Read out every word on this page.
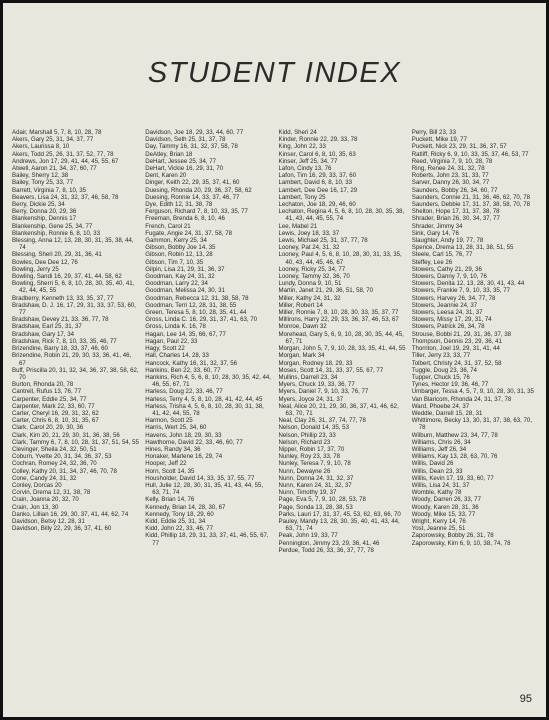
STUDENT INDEX
Adair, Marshall 5, 7, 8, 10, 28, 78
Akers, Gary 25, 31, 34, 37, 77
Akers, Laurissa 8, 10
Akers, Todd 25, 26, 31, 37, 52, 77, 78
Andrews, Jon 17, 29, 41, 44, 45, 55, 67
Atwell, Aaron 21, 34, 37, 60, 77
Bailey, Sherry 12, 38
Bailey, Tony 25, 33, 77
Barrett, Virginia 7, 8, 10, 35
Beavers, Lisa 24, 31, 32, 37, 46, 58, 78
Berry, Dickie 25, 34
Berry, Donna 20, 29, 36
Blankenship, Dennis 17
Blankenship, Gene 25, 34, 77
Blankenship, Ronnie 6, 8, 10, 33
Blessing, Anna 12, 13, 28, 30, 31, 35, 38, 44, 74
Blessing, Sheri 20, 29, 31, 36, 41
Bowles, Dee Dee 12, 76
Bowling, Jerry 25
Bowling, Sandi 16, 29, 37, 41, 44, 58, 62
Bowling, Sherri 5, 6, 8, 10, 28, 30, 35, 40, 41, 42, 44, 45, 55
Bradberry, Kenneth 13, 33, 35, 37, 77
Bradshaw, D. J. 16, 17, 29, 31, 33, 37, 53, 60, 77
Bradshaw, Devey 21, 33, 36, 77, 78
Bradshaw, Earl 25, 31, 37
Bradshaw, Gary 17, 34
Bradshaw, Rick 7, 8, 10, 33, 35, 46, 77
Brizendine, Barry 18, 33, 37, 46, 60
Brizendine, Robin 21, 29, 30, 33, 36, 41, 46, 67
Buff, Priscilla 20, 31, 32, 34, 36, 37, 38, 58, 62, 70
Burton, Rhonda 20, 78
Cantrell, Rufus 13, 76, 77
Carpenter, Eddie 25, 34, 77
Carpenter, Mark 22, 33, 60, 77
Carter, Cheryl 16, 29, 31, 32, 62
Carter, Chris 6, 8, 10, 31, 35, 67
Clark, Carol 20, 29, 30, 36
Clark, Kim 20, 21, 29, 30, 31, 36, 38, 56
Clark, Tammy 6, 7, 8, 10, 28, 31, 37, 51, 54, 55
Clevinger, Sheila 24, 32, 50, 51
Coburn, Yvette 20, 31, 34, 36, 37, 53
Cochran, Romey 24, 32, 36, 70
Colley, Kathy 20, 31, 34, 37, 46, 70, 78
Cone, Candy 24, 31, 32
Conley, Dorcas 20
Corvin, Drema 12, 31, 38, 78
Crain, Joanna 20, 32, 70
Crain, Jon 13, 30
Danko, Lillian 16, 29, 30, 37, 41, 44, 62, 74
Davidson, Betsy 12, 28, 31
Davidson, Billy 22, 29, 36, 37, 41, 60
Davidson, Joe 18, 29, 33, 44, 60, 77
Davidson, Seth 25, 31, 37, 78
Day, Tammy 16, 31, 32, 37, 58, 78
DeAtley, Brian 18
DeHart, Jessee 25, 34, 77
DeHart, Vickie 16, 29, 31, 70
Dent, Karen 20
Dinger, Keith 22, 29, 35, 37, 41, 60
Duesing, Rhonda 20, 29, 36, 37, 58, 62
Duesing, Ronnie 14, 33, 37, 46, 77
Dye, Edith 12, 31, 38, 78
Ferguson, Richard 7, 8, 10, 33, 35, 77
Freeman, Brenda 6, 8, 10, 46
French, Carol 21
Fugate, Angie 24, 31, 37, 58, 78
Gammon, Kerry 25, 34
Gibson, Bobby Joe 14, 35
Gibson, Robin 12, 13, 28
Gibson, Tim 7, 10, 35
Gilpin, Lisa 21, 29, 31, 36, 37
Goodman, Kay 24, 31, 32
Goodman, Larry 22, 34
Goodman, Melissa 24, 30, 31
Goodman, Rebecca 12, 31, 38, 58, 78
Goodman, Terri 12, 28, 31, 38, 55
Green, Teresa 5, 8, 10, 28, 35, 41, 44
Gross, Linda C. 16, 29, 31, 37, 41, 63, 70
Gross, Linda K. 16, 78
Hagan, Lee 14, 35, 66, 67, 77
Hagan, Paul 22, 33
Hagy, Scott 22
Hall, Charles 14, 28, 33
Hancock, Kathy 16, 31, 32, 37, 56
Hankins, Ben 22, 33, 60, 77
Hankins, Rich 4, 5, 6, 8, 10, 28, 30, 35, 42, 44, 46, 55, 67, 71
Harless, Doug 22, 33, 46, 77
Harless, Terry 4, 5, 8, 10, 28, 41, 42, 44, 45
Harless, Trisha 4, 5, 6, 8, 10, 28, 30, 31, 38, 41, 42, 44, 55, 78
Harmon, Scott 25
Harris, Wert 25, 34, 60
Havens, John 18, 29, 30, 33
Hawthorne, David 22, 33, 46, 60, 77
Hines, Randy 34, 36
Honaker, Marlene 16, 29, 74
Hooper, Jeff 22
Horn, Scott 14, 35
Housholder, David 14, 33, 35, 37, 55, 77
Hull, Julie 12, 28, 30, 31, 35, 41, 43, 44, 55, 63, 71, 74
Kelly, Brian 14, 76
Kennedy, Brian 14, 28, 30, 67
Kennedy, Tony 18, 29, 60
Kidd, Eddie 25, 31, 34
Kidd, John 22, 33, 46, 77
Kidd, Phillip 18, 29, 31, 33, 37, 41, 46, 55, 67, 77
Kidd, Sheri 24
Kinder, Ronnie 22, 29, 33, 78
King, John 22, 33
Kinser, Carol 6, 8, 10, 35, 63
Kinser, Jeff 25, 34, 77
Lafon, Cindy 13, 76
Lafon, Tim 16, 29, 33, 37, 60
Lambert, David 6, 8, 10, 33
Lambert, Dee Dee 16, 17, 29
Lambert, Tony 25
Lechaton, Joe 18, 29, 46, 60
Lechaton, Regina 4, 5, 6, 8, 10, 28, 30, 35, 38, 41, 43, 44, 45, 55, 74
Lee, Mabel 21
Lewis, Joey 18, 33, 37
Lewis, Michael 25, 31, 37, 77, 78
Looney, Pat 24, 31, 32
Looney, Paul 4, 5, 6, 8, 10, 28, 30, 31, 33, 35, 40, 43, 44, 45, 46, 67
Looney, Ricky 25, 34, 77
Looney, Tammy 32, 36, 70
Lundy, Donna 9, 10, 51
Martin, Janet 21, 29, 36, 51, 58, 70
Miller, Kathy 24, 31, 32
Miller, Robert 14
Miller, Ronnie 7, 8, 10, 28, 30, 33, 35, 37, 77
Millirons, Harry 22, 29, 33, 36, 37, 46, 53, 67
Monroe, Dawn 32
Morehead, Gary 5, 6, 9, 10, 28, 30, 35, 44, 45, 67, 71
Morgan, John 5, 7, 9, 10, 28, 33, 35, 41, 44, 55
Morgan, Mark 34
Morgan, Rodney 18, 29, 33
Moses, Scott 14, 31, 33, 37, 55, 67, 77
Mullins, Darrell 23, 34
Myers, Chuck 19, 33, 36, 77
Myers, Daniel 7, 9, 10, 33, 76, 77
Myers, Joyce 24, 31, 37
Neal, Alice 20, 21, 29, 30, 36, 37, 41, 46, 62, 63, 70, 71
Neal, Clay 26, 31, 37, 74, 77, 78
Nelson, Donald 14, 35, 53
Nelson, Phillip 23, 33
Nelson, Richard 23
Nipper, Robin 17, 37, 70
Nunley, Roy 23, 33, 78
Nunley, Teresa 7, 9, 10, 78
Nunn, Dewayne 26
Nunn, Donna 24, 31, 32, 37
Nunn, Karen 24, 31, 32, 37
Nunn, Timothy 19, 37
Page, Eva 5, 7, 9, 10, 28, 53, 78
Page, Sonda 13, 28, 38, 53
Parks, Lauri 17, 31, 37, 45, 53, 62, 63, 66, 70
Pauley, Mandy 13, 28, 30, 35, 40, 41, 43, 44, 63, 71, 74
Peak, John 19, 33, 77
Pennington, Jimmy 23, 29, 36, 41, 46
Perdue, Todd 26, 33, 36, 37, 77, 78
Perry, Bill 23, 33
Puckett, Mike 19, 77
Puckett, Nick 23, 29, 31, 36, 37, 57
Ratliff, Ricky 6, 9, 10, 33, 35, 37, 46, 53, 77
Reed, Virginia 7, 9, 10, 28, 78
Ring, Renee 24, 31, 32, 78
Roberts, John 23, 31, 33, 77
Sarver, Danny 26, 30, 34, 77
Saunders, Bobby 26, 34, 60, 77
Saunders, Connie 21, 31, 36, 46, 62, 70, 78
Saunders, Debbie 17, 31, 37, 38, 58, 70, 78
Shelton, Hope 17, 31, 37, 38, 78
Shrader, Brian 26, 30, 34, 37, 77
Shrader, Jimmy 34
Sink, Gary 14, 76
Slaughter, Andy 19, 77, 78
Spence, Drema 13, 28, 31, 38, 51, 55
Steele, Carl 15, 76, 77
Steffey, Lee 26
Stowers, Cathy 21, 29, 36
Stowers, Danny 7, 9, 10, 76
Stowers, Denita 12, 13, 28, 30, 41, 43, 44
Stowers, Frankie 7, 9, 10, 33, 35, 77
Stowers, Harvey 26, 34, 77, 78
Stowers, Jeannie 24, 37
Stowers, Leesa 24, 31, 37
Stowers, Missy 17, 29, 31, 74
Stowers, Patrick 26, 34, 78
Strouse, Bobbi 21, 29, 31, 36, 37, 38
Thompson, Dennis 23, 29, 36, 41
Thornton, Joel 19, 29, 31, 41, 44
Tiller, Jerry 23, 33, 77
Tolbert, Christy 24, 31, 37, 52, 58
Tuggle, Doug 23, 36, 74
Tupper, Chuck 15, 76
Tynes, Hector 19, 36, 46, 77
Umbarger, Tessa 4, 5, 7, 9, 10, 28, 30, 31, 35
Van Blaricom, Rhonda 24, 31, 37, 78
Ward, Phoebe 24, 37
Weddle, Darrell 15, 28, 31
Whittimore, Becky 13, 30, 31, 37, 38, 63, 70, 78
Wilburn, Matthew 23, 34, 77, 78
Williams, Chris 26, 34
Williams, Jeff 26, 34
Williams, Kay 13, 28, 63, 70, 76
Willis, David 26
Willis, Dean 23, 33
Willis, Kevin 17, 19, 33, 60, 77
Willis, Lisa 24, 31, 37
Womble, Kathy 78
Woody, Darren 26, 33, 77
Woody, Karen 28, 31, 36
Woody, Mike 15, 33, 77
Wright, Kerry 14, 76
Yost, Jeanne 25, 51
Zaporowsky, Bobby 26, 31, 78
Zaporowsky, Kim 6, 9, 10, 38, 74, 78
95
